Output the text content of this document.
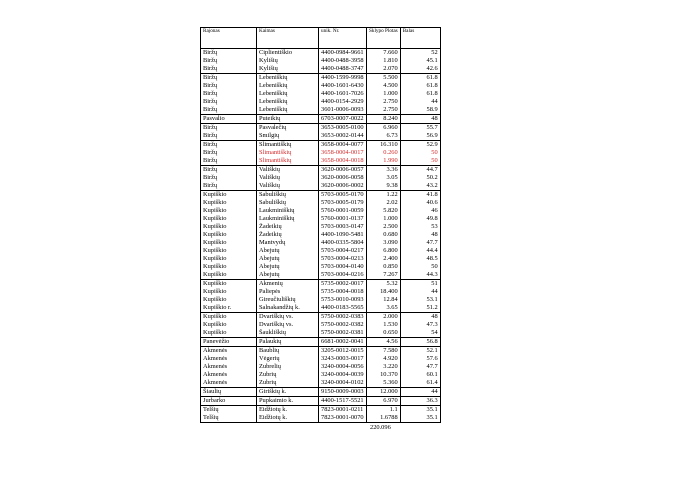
Rajonas	Kaimas	unik. Nr.	Sklypo Plotas	Balas
Biržų	Ciplientiškio	4400-0984-9661	7.660	52
Biržų	Kylišių	4400-0488-3958	1.810	45.1
Biržų	Kylišių	4400-0488-3747	2.070	42.6
Biržų	Lebeniškių	4400-1599-9998	5.500	61.8
Biržų	Lebeniškių	4400-1601-6430	4.500	61.8
Biržų	Lebeniškių	4400-1601-7026	1.000	61.8
Biržų	Lebeniškių	4400-0154-2929	2.750	44
Biržų	Lebeniškių	3601-0006-0093	2.750	58.9
Pasvalio	Puteikių	6703-0007-0022	8.240	48
Biržų	Pasvalečių	3653-0005-0100	6.960	55.7
Biržų	Smilgių	3653-0002-0144	6.73	56.9
Biržų	Slimantiškių	3658-0004-0077	16.310	52.9
Biržų	Slimantiškių	3658-0004-0017	0.260	50
Biržų	Slimantiškių	3658-0004-0018	1.990	50
Biržų	Vališkių	3620-0006-0057	3.36	44.7
Biržų	Vališkių	3620-0006-0058	3.05	50.2
Biržų	Vališkių	3620-0006-0002	9.38	43.2
Kupiškio	Sabuliškių	5703-0005-0170	1.22	41.8
Kupiškio	Sabuliškių	5703-0005-0179	2.02	40.6
Kupiškio	Laukminiškių	5760-0001-0059	5.820	46
Kupiškio	Laukminiškių	5760-0001-0137	1.000	49.8
Kupiškio	Žadeikių	5703-0003-0147	2.500	53
Kupiškio	Žadeikių	4400-1090-5481	0.680	48
Kupiškio	Mantvydų	4400-0335-5804	3.090	47.7
Kupiškio	Abejutų	5703-0004-0217	6.800	44.4
Kupiškio	Abejutų	5703-0004-0213	2.400	48.5
Kupiškio	Abejutų	5703-0004-0140	0.850	50
Kupiškio	Abejutų	5703-0004-0216	7.267	44.3
Kupiškio	Akmenių	5735-0002-0017	5.32	51
Kupiškio	Paliepės	5735-0004-0018	18.400	44
Kupiškio	Gireučiuliškių	5753-0010-0093	12.84	53.1
Kupiškio r.	Salnakandžių k.	4400-0183-5565	3.65	51.2
Kupiškio	Dvariškių vs.	5750-0002-0383	2.000	48
Kupiškio	Dvariškių vs.	5750-0002-0382	1.530	47.3
Kupiškio	Šaukliškių	5750-0002-0381	0.650	54
Panevėžio	Palaukių	6681-0002-0041	4.56	56.8
Akmenės	Baublių	3205-0012-0015	7.580	52.1
Akmenės	Vėgerių	3243-0003-0017	4.920	57.6
Akmenės	Zubrelių	3240-0004-0056	3.220	47.7
Akmenės	Zubrių	3240-0004-0039	10.370	60.1
Akmenės	Zubrių	3240-0004-0102	5.360	61.4
Šiaulių	Giriškių k.	9150-0009-0003	12.000	44
Jurbarko	Pupkaimio k.	4400-1517-5521	6.970	36.3
Telšių	Eidžiotų k.	7823-0001-0211	1.1	35.1
Telšių	Eidžiotų k.	7823-0001-0070	1.6788	35.1
220.096
